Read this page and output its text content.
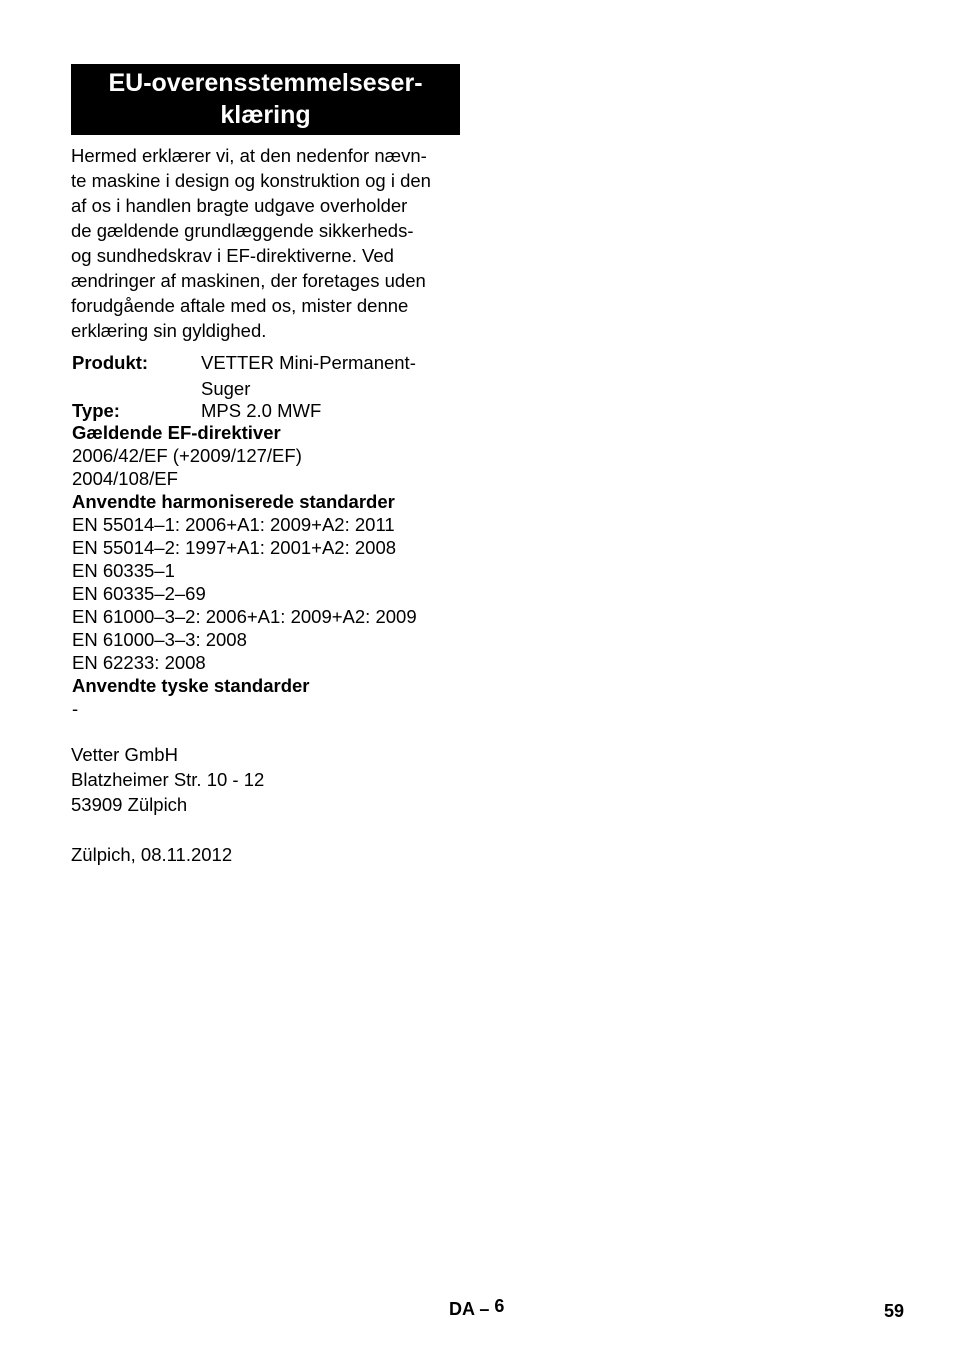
EU-overensstemmelseser-
klæring
Hermed erklærer vi, at den nedenfor nævn-
te maskine i design og konstruktion og i den
af os i handlen bragte udgave overholder
de gældende grundlæggende sikkerheds-
og sundhedskrav i EF-direktiverne. Ved
ændringer af maskinen, der foretages uden
forudgående aftale med os, mister denne
erklæring sin gyldighed.
Produkt:	VETTER Mini-Permanent-
Suger
Type:	MPS 2.0 MWF
Gældende EF-direktiver
2006/42/EF (+2009/127/EF)
2004/108/EF
Anvendte harmoniserede standarder
EN 55014–1: 2006+A1: 2009+A2: 2011
EN 55014–2: 1997+A1: 2001+A2: 2008
EN 60335–1
EN 60335–2–69
EN 61000–3–2: 2006+A1: 2009+A2: 2009
EN 61000–3–3: 2008
EN 62233: 2008
Anvendte tyske standarder
-
Vetter GmbH
Blatzheimer Str. 10 - 12
53909 Zülpich

Zülpich, 08.11.2012
DA – 6	59
